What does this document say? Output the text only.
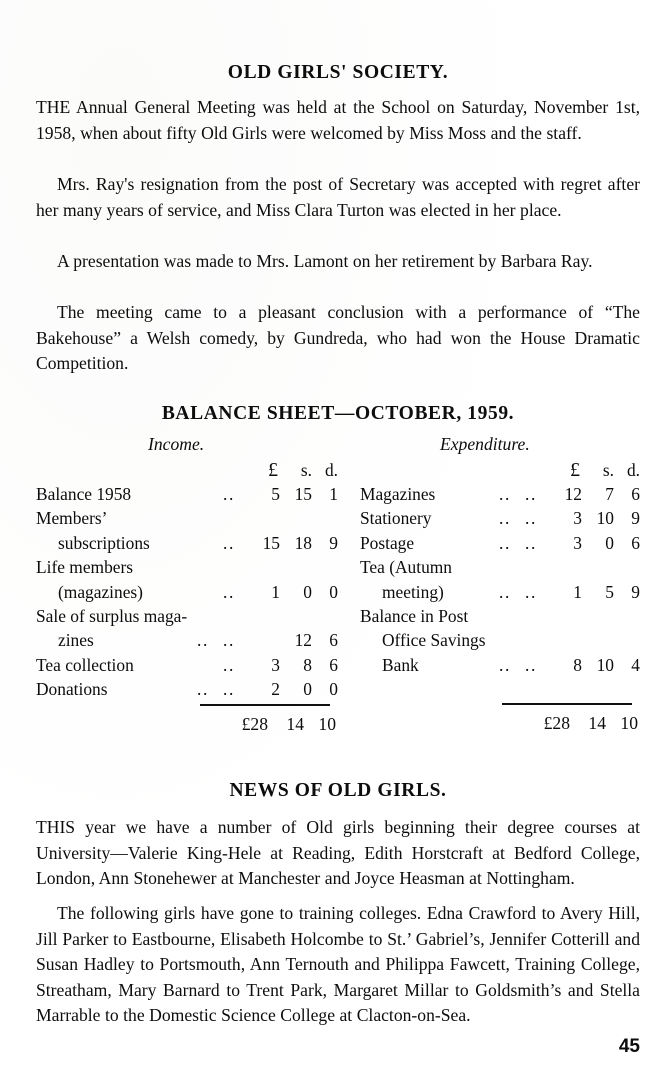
OLD GIRLS' SOCIETY.

THE Annual General Meeting was held at the School on Saturday, November 1st, 1958, when about fifty Old Girls were welcomed by Miss Moss and the staff.

Mrs. Ray's resignation from the post of Secretary was accepted with regret after her many years of service, and Miss Clara Turton was elected in her place.

A presentation was made to Mrs. Lamont on her retirement by Barbara Ray.

The meeting came to a pleasant conclusion with a performance of “The Bakehouse” a Welsh comedy, by Gundreda, who had won the House Dramatic Competition.

BALANCE SHEET—OCTOBER, 1959.
Income.
			£	s.	d.
Balance 1958		..	5	15	1
Members’					
subscriptions		..	15	18	9
Life members					
(magazines)		..	1	0	0
Sale of surplus maga-					
zines	..	..		12	6
Tea collection		..	3	8	6
Donations	..	..	2	0	0
£28	14 10
Expenditure.
			£	s.	d.
Magazines	..	..	12	7	6
Stationery	..	..	3	10	9
Postage	..	..	3	0	6
Tea (Autumn					
meeting)	..	..	1	5	9
Balance in Post					
Office Savings					
Bank	..	..	8	10	4
£28	14 10
NEWS OF OLD GIRLS.

THIS year we have a number of Old girls beginning their degree courses at University—Valerie King-Hele at Reading, Edith Horstcraft at Bedford College, London, Ann Stonehewer at Manchester and Joyce Heasman at Nottingham.

The following girls have gone to training colleges. Edna Crawford to Avery Hill, Jill Parker to Eastbourne, Elisabeth Holcombe to St.’ Gabriel’s, Jennifer Cotterill and Susan Hadley to Portsmouth, Ann Ternouth and Philippa Fawcett, Training College, Streatham, Mary Barnard to Trent Park, Margaret Millar to Goldsmith’s and Stella Marrable to the Domestic Science College at Clacton-on-Sea.

45
